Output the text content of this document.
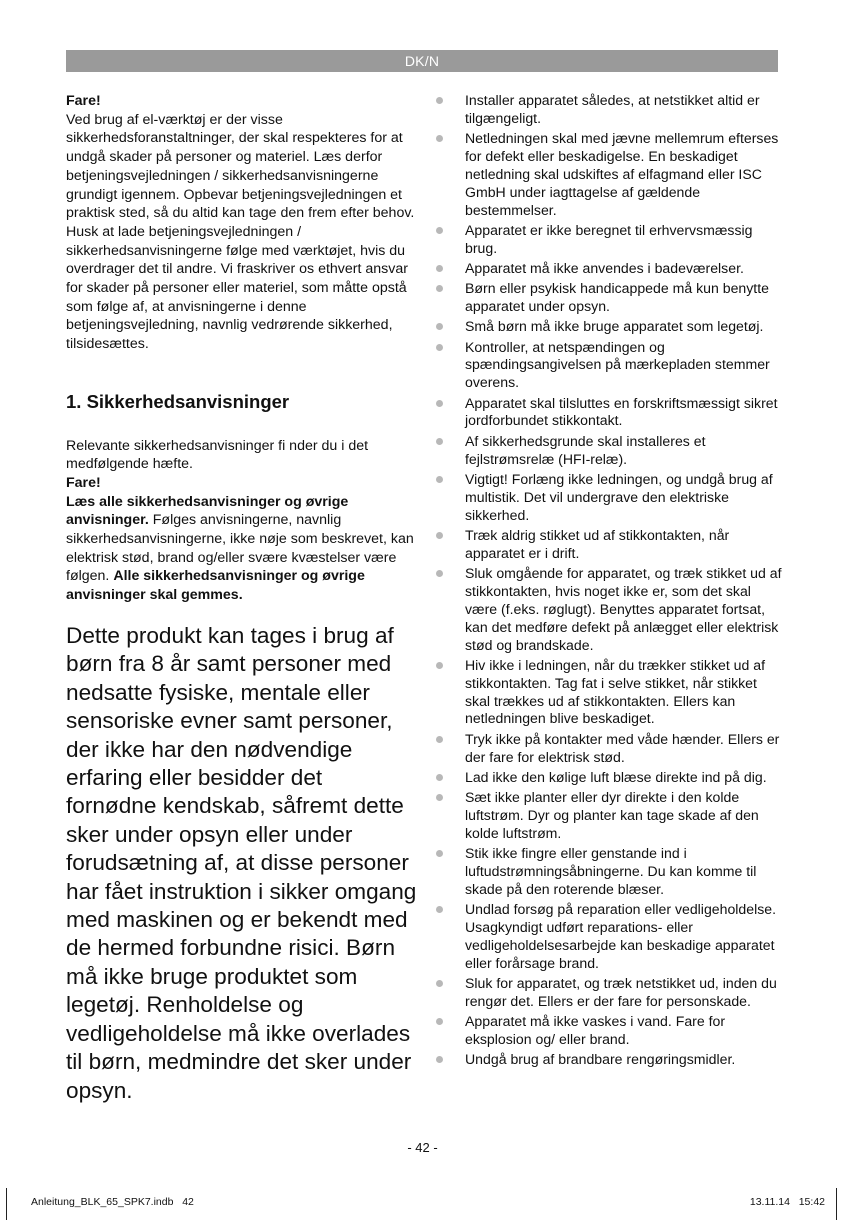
DK/N

Fare!

Ved brug af el-værktøj er der visse sikkerhedsforanstaltninger, der skal respekteres for at undgå skader på personer og materiel. Læs derfor betjeningsvejledningen / sikkerhedsanvisningerne grundigt igennem. Opbevar betjeningsvejledningen et praktisk sted, så du altid kan tage den frem efter behov. Husk at lade betjeningsvejledningen / sikkerhedsanvisningerne følge med værktøjet, hvis du overdrager det til andre. Vi fraskriver os ethvert ansvar for skader på personer eller materiel, som måtte opstå som følge af, at anvisningerne i denne betjeningsvejledning, navnlig vedrørende sikkerhed, tilsidesættes.

1. Sikkerhedsanvisninger

Relevante sikkerhedsanvisninger fi nder du i det medfølgende hæfte.

Fare!

Læs alle sikkerhedsanvisninger og øvrige anvisninger. Følges anvisningerne, navnlig sikkerhedsanvisningerne, ikke nøje som beskrevet, kan elektrisk stød, brand og/eller svære kvæstelser være følgen. Alle sikkerhedsanvisninger og øvrige anvisninger skal gemmes.

Dette produkt kan tages i brug af børn fra 8 år samt personer med nedsatte fysiske, mentale eller sensoriske evner samt personer, der ikke har den nødvendige erfaring eller besidder det fornødne kendskab, såfremt dette sker under opsyn eller under forudsætning af, at disse personer har fået instruktion i sikker omgang med maskinen og er bekendt med de hermed forbundne risici. Børn må ikke bruge produktet som legetøj. Renholdelse og vedligeholdelse må ikke overlades til børn, medmindre det sker under opsyn.

Installer apparatet således, at netstikket altid er tilgængeligt.
Netledningen skal med jævne mellemrum efterses for defekt eller beskadigelse. En beskadiget netledning skal udskiftes af elfagmand eller ISC GmbH under iagttagelse af gældende bestemmelser.
Apparatet er ikke beregnet til erhvervsmæssig brug.
Apparatet må ikke anvendes i badeværelser.
Børn eller psykisk handicappede må kun benytte apparatet under opsyn.
Små børn må ikke bruge apparatet som legetøj.
Kontroller, at netspændingen og spændingsangivelsen på mærkepladen stemmer overens.
Apparatet skal tilsluttes en forskriftsmæssigt sikret jordforbundet stikkontakt.
Af sikkerhedsgrunde skal installeres et fejlstrømsrelæ (HFI-relæ).
Vigtigt! Forlæng ikke ledningen, og undgå brug af multistik. Det vil undergrave den elektriske sikkerhed.
Træk aldrig stikket ud af stikkontakten, når apparatet er i drift.
Sluk omgående for apparatet, og træk stikket ud af stikkontakten, hvis noget ikke er, som det skal være (f.eks. røglugt). Benyttes apparatet fortsat, kan det medføre defekt på anlægget eller elektrisk stød og brandskade.
Hiv ikke i ledningen, når du trækker stikket ud af stikkontakten. Tag fat i selve stikket, når stikket skal trækkes ud af stikkontakten. Ellers kan netledningen blive beskadiget.
Tryk ikke på kontakter med våde hænder. Ellers er der fare for elektrisk stød.
Lad ikke den kølige luft blæse direkte ind på dig.
Sæt ikke planter eller dyr direkte i den kolde luftstrøm. Dyr og planter kan tage skade af den kolde luftstrøm.
Stik ikke fingre eller genstande ind i luftudstrømningsåbningerne. Du kan komme til skade på den roterende blæser.
Undlad forsøg på reparation eller vedligeholdelse. Usagkyndigt udført reparations- eller vedligeholdelsesarbejde kan beskadige apparatet eller forårsage brand.
Sluk for apparatet, og træk netstikket ud, inden du rengør det. Ellers er der fare for personskade.
Apparatet må ikke vaskes i vand. Fare for eksplosion og/ eller brand.
Undgå brug af brandbare rengøringsmidler.
- 42 -
Anleitung_BLK_65_SPK7.indb   42	13.11.14   15:42
